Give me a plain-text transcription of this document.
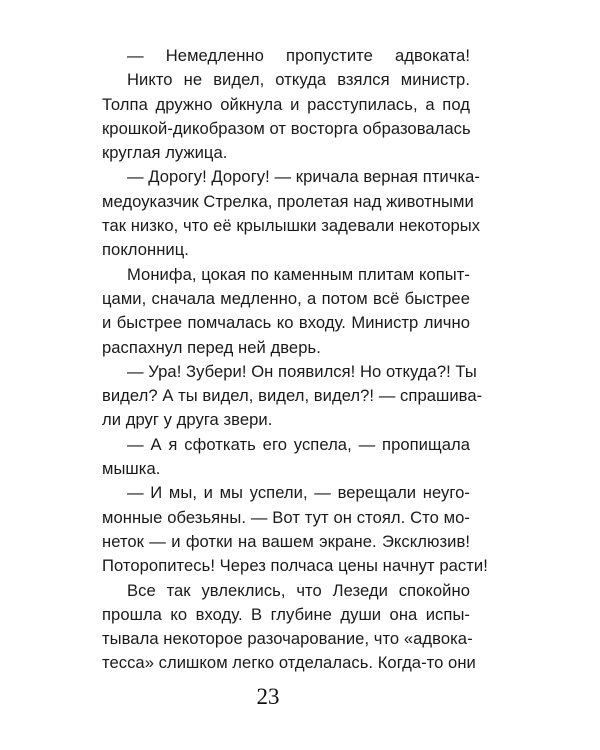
— Немедленно пропустите адвоката!
Никто не видел, откуда взялся министр.
Толпа дружно ойкнула и расступилась, а под
крошкой-дикобразом от восторга образовалась
круглая лужица.
— Дорогу! Дорогу! — кричала верная птичка-
медоуказчик Стрелка, пролетая над животными
так низко, что её крылышки задевали некоторых
поклонниц.
Монифа, цокая по каменным плитам копыт-
цами, сначала медленно, а потом всё быстрее
и быстрее помчалась ко входу. Министр лично
распахнул перед ней дверь.
— Ура! Зубери! Он появился! Но откуда?! Ты
видел? А ты видел, видел, видел?! — спрашива-
ли друг у друга звери.
— А я сфоткать его успела, — пропищала
мышка.
— И мы, и мы успели, — верещали неуго-
монные обезьяны. — Вот тут он стоял. Сто мо-
неток — и фотки на вашем экране. Эксклюзив!
Поторопитесь! Через полчаса цены начнут расти!
Все так увлеклись, что Лезеди спокойно
прошла ко входу. В глубине души она испы-
тывала некоторое разочарование, что «адвока-
тесса» слишком легко отделалась. Когда-то они
23
